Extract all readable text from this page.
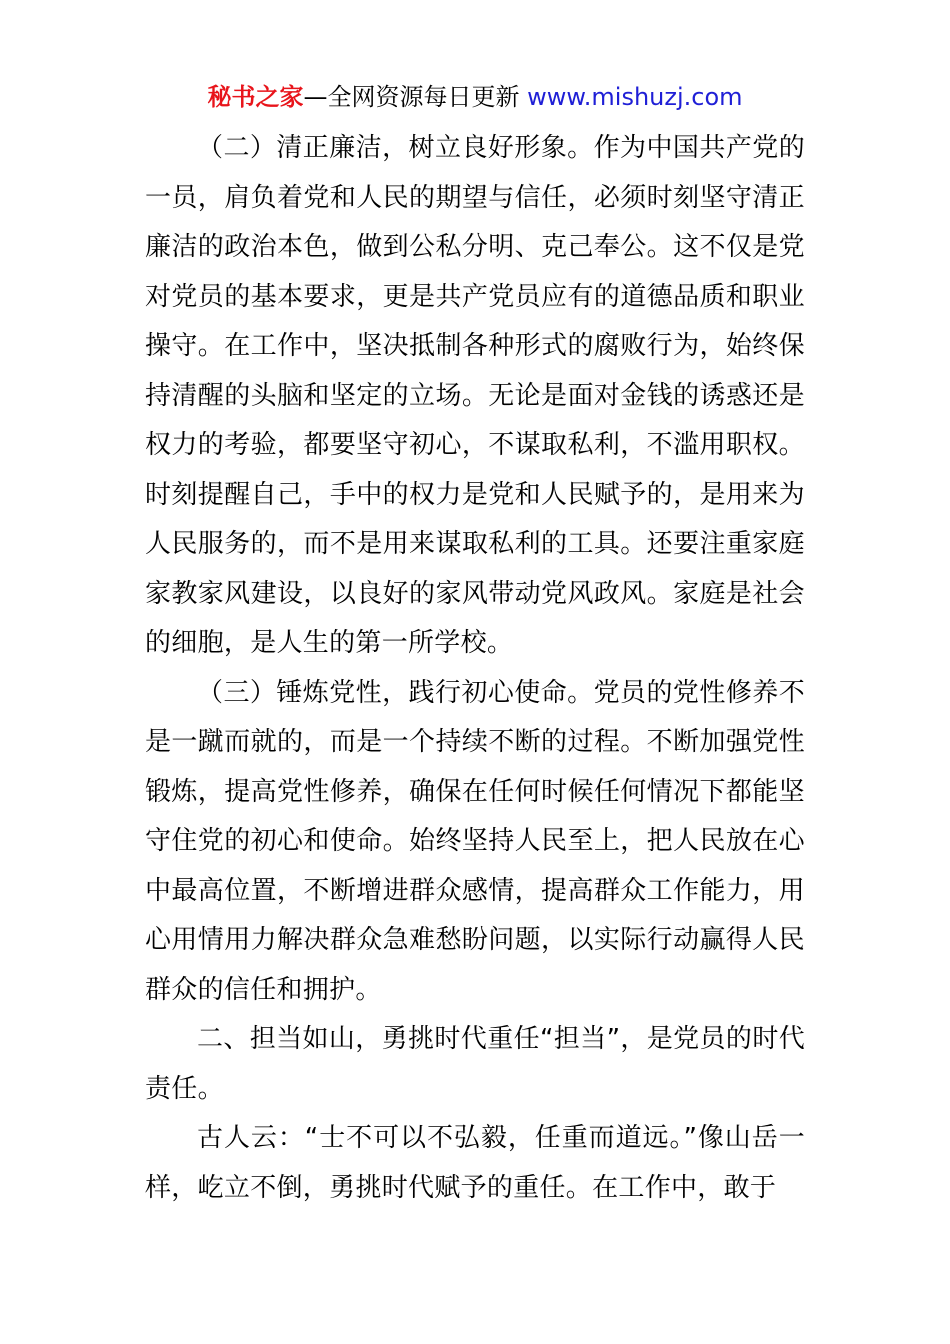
秘书之家—全网资源每日更新 www.mishuzj.com

（二）清正廉洁，树立良好形象。作为中国共产党的一员，肩负着党和人民的期望与信任，必须时刻坚守清正廉洁的政治本色，做到公私分明、克己奉公。这不仅是党对党员的基本要求，更是共产党员应有的道德品质和职业操守。在工作中，坚决抵制各种形式的腐败行为，始终保持清醒的头脑和坚定的立场。无论是面对金钱的诱惑还是权力的考验，都要坚守初心，不谋取私利，不滥用职权。时刻提醒自己，手中的权力是党和人民赋予的，是用来为人民服务的，而不是用来谋取私利的工具。还要注重家庭家教家风建设，以良好的家风带动党风政风。家庭是社会的细胞，是人生的第一所学校。

（三）锤炼党性，践行初心使命。党员的党性修养不是一蹴而就的，而是一个持续不断的过程。不断加强党性锻炼，提高党性修养，确保在任何时候任何情况下都能坚守住党的初心和使命。始终坚持人民至上，把人民放在心中最高位置，不断增进群众感情，提高群众工作能力，用心用情用力解决群众急难愁盼问题，以实际行动赢得人民群众的信任和拥护。

二、担当如山，勇挑时代重任“担当”，是党员的时代责任。

古人云：“士不可以不弘毅，任重而道远。”像山岳一样，屹立不倒，勇挑时代赋予的重任。在工作中，敢于
